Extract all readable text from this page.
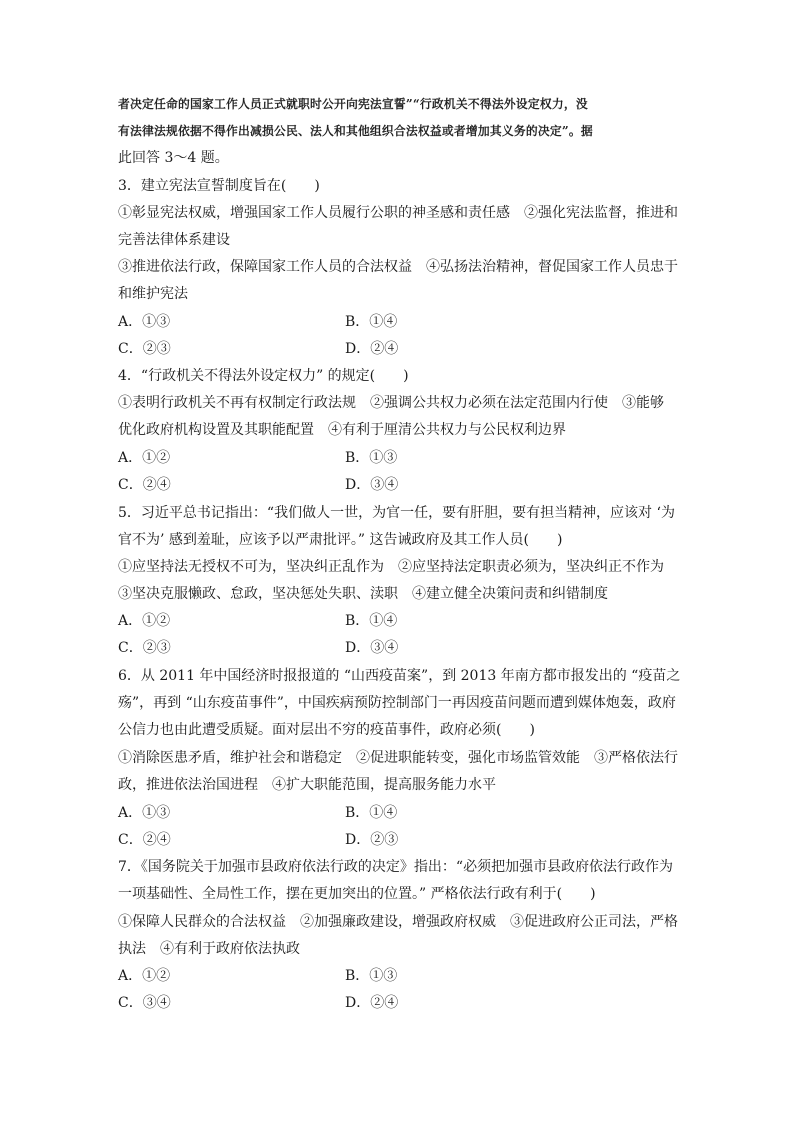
者决定任命的国家工作人员正式就职时公开向宪法宣誓”“行政机关不得法外设定权力，没
有法律法规依据不得作出减损公民、法人和其他组织合法权益或者增加其义务的决定”。据
此回答 3～4 题。
3．建立宪法宣誓制度旨在(　　)
①彰显宪法权威，增强国家工作人员履行公职的神圣感和责任感　②强化宪法监督，推进和
完善法律体系建设
③推进依法行政，保障国家工作人员的合法权益　④弘扬法治精神，督促国家工作人员忠于
和维护宪法
A．①③	B．①④
C．②③	D．②④
4．“行政机关不得法外设定权力” 的规定(　　)
①表明行政机关不再有权制定行政法规　②强调公共权力必须在法定范围内行使　③能够
优化政府机构设置及其职能配置　④有利于厘清公共权力与公民权利边界
A．①②	B．①③
C．②④	D．③④
5．习近平总书记指出：“我们做人一世，为官一任，要有肝胆，要有担当精神，应该对 ‘为
官不为’ 感到羞耻，应该予以严肃批评。” 这告诫政府及其工作人员(　　)
①应坚持法无授权不可为，坚决纠正乱作为　②应坚持法定职责必须为，坚决纠正不作为
③坚决克服懒政、怠政，坚决惩处失职、渎职　④建立健全决策问责和纠错制度
A．①②	B．①④
C．②③	D．③④
6．从 2011 年中国经济时报报道的 “山西疫苗案”，到 2013 年南方都市报发出的 “疫苗之
殇”，再到 “山东疫苗事件”，中国疾病预防控制部门一再因疫苗问题而遭到媒体炮轰，政府
公信力也由此遭受质疑。面对层出不穷的疫苗事件，政府必须(　　)
①消除医患矛盾，维护社会和谐稳定　②促进职能转变，强化市场监管效能　③严格依法行
政，推进依法治国进程　④扩大职能范围，提高服务能力水平
A．①③	B．①④
C．②④	D．②③
7．《国务院关于加强市县政府依法行政的决定》指出：“必须把加强市县政府依法行政作为
一项基础性、全局性工作，摆在更加突出的位置。” 严格依法行政有利于(　　)
①保障人民群众的合法权益　②加强廉政建设，增强政府权威　③促进政府公正司法，严格
执法　④有利于政府依法执政
A．①②	B．①③
C．③④	D．②④
